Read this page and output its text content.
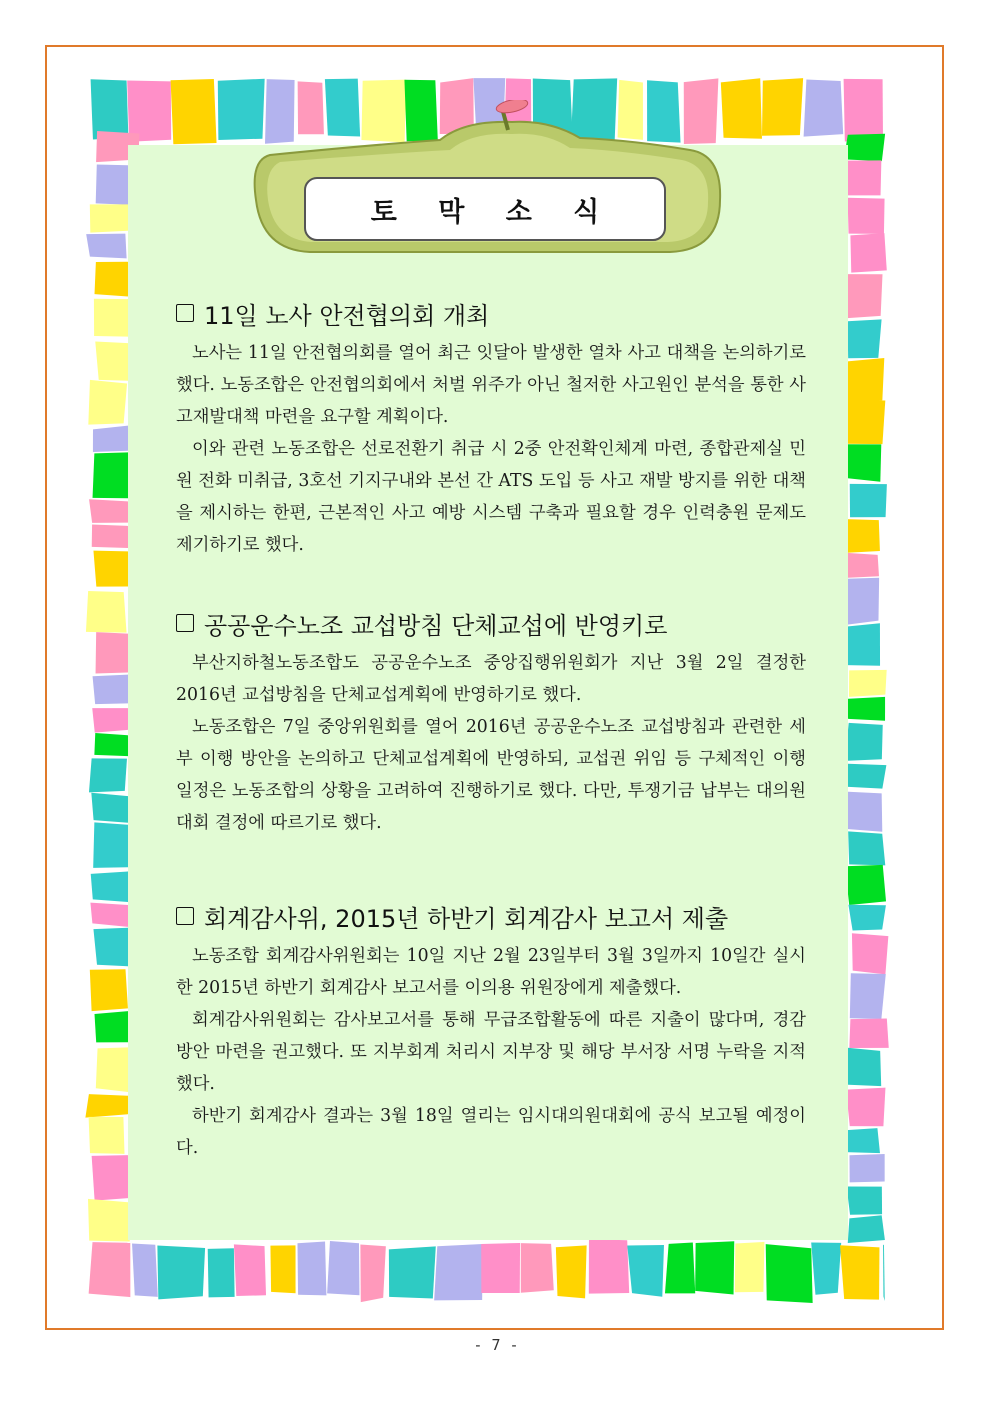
토 막 소 식
11일 노사 안전협의회 개최

노사는 11일 안전협의회를 열어 최근 잇달아 발생한 열차 사고 대책을 논의하기로 했다. 노동조합은 안전협의회에서 처벌 위주가 아닌 철저한 사고원인 분석을 통한 사고재발대책 마련을 요구할 계획이다.

이와 관련 노동조합은 선로전환기 취급 시 2중 안전확인체계 마련, 종합관제실 민원 전화 미취급, 3호선 기지구내와 본선 간 ATS 도입 등 사고 재발 방지를 위한 대책을 제시하는 한편, 근본적인 사고 예방 시스템 구축과 필요할 경우 인력충원 문제도 제기하기로 했다.

공공운수노조 교섭방침 단체교섭에 반영키로

부산지하철노동조합도 공공운수노조 중앙집행위원회가 지난 3월 2일 결정한 2016년 교섭방침을 단체교섭계획에 반영하기로 했다.

노동조합은 7일 중앙위원회를 열어 2016년 공공운수노조 교섭방침과 관련한 세부 이행 방안을 논의하고 단체교섭계획에 반영하되, 교섭권 위임 등 구체적인 이행 일정은 노동조합의 상황을 고려하여 진행하기로 했다. 다만, 투쟁기금 납부는 대의원대회 결정에 따르기로 했다.

회계감사위, 2015년 하반기 회계감사 보고서 제출

노동조합 회계감사위원회는 10일 지난 2월 23일부터 3월 3일까지 10일간 실시한 2015년 하반기 회계감사 보고서를 이의용 위원장에게 제출했다.

회계감사위원회는 감사보고서를 통해 무급조합활동에 따른 지출이 많다며, 경감 방안 마련을 권고했다. 또 지부회계 처리시 지부장 및 해당 부서장 서명 누락을 지적했다.

하반기 회계감사 결과는 3월 18일 열리는 임시대의원대회에 공식 보고될 예정이다.

- 7 -
